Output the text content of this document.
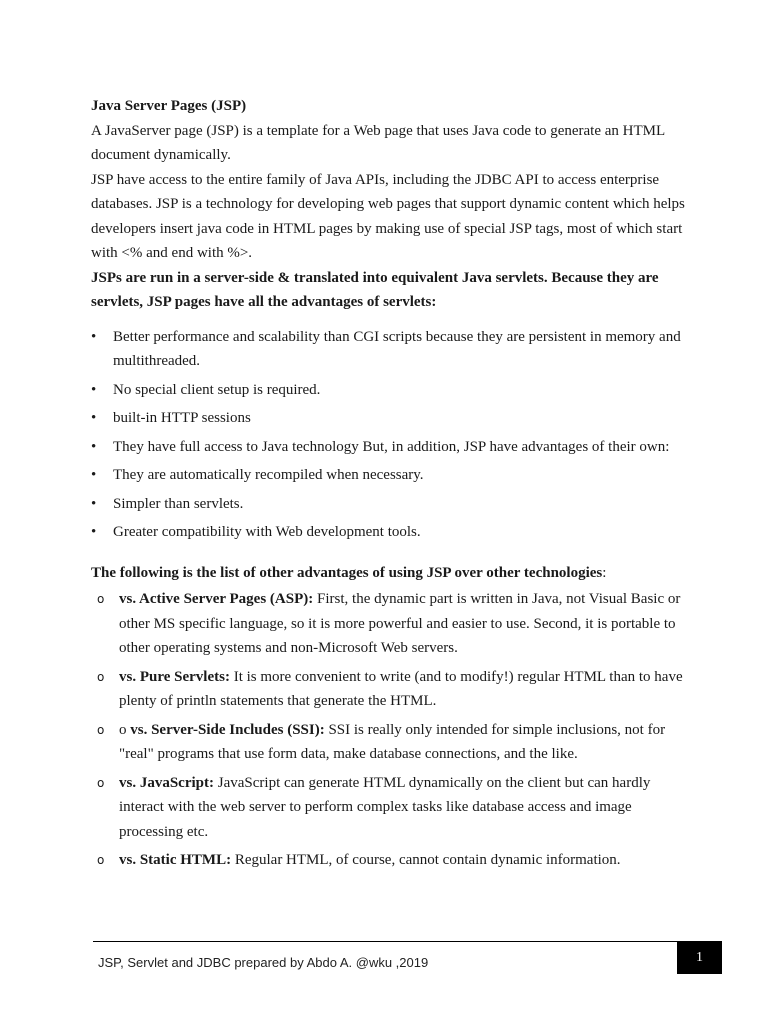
Java Server Pages (JSP)

A JavaServer page (JSP) is a template for a Web page that uses Java code to generate an HTML document dynamically.

JSP have access to the entire family of Java APIs, including the JDBC API to access enterprise databases. JSP is a technology for developing web pages that support dynamic content which helps developers insert java code in HTML pages by making use of special JSP tags, most of which start with <% and end with %>.

JSPs are run in a server-side & translated into equivalent Java servlets. Because they are servlets, JSP pages have all the advantages of servlets:

• Better performance and scalability than CGI scripts because they are persistent in memory and multithreaded.
• No special client setup is required.
• built-in HTTP sessions
• They have full access to Java technology But, in addition, JSP have advantages of their own:
• They are automatically recompiled when necessary.
• Simpler than servlets.
• Greater compatibility with Web development tools.

The following is the list of other advantages of using JSP over other technologies:

o vs. Active Server Pages (ASP): First, the dynamic part is written in Java, not Visual Basic or other MS specific language, so it is more powerful and easier to use. Second, it is portable to other operating systems and non-Microsoft Web servers.
o vs. Pure Servlets: It is more convenient to write (and to modify!) regular HTML than to have plenty of println statements that generate the HTML.
o o vs. Server-Side Includes (SSI): SSI is really only intended for simple inclusions, not for "real" programs that use form data, make database connections, and the like.
o vs. JavaScript: JavaScript can generate HTML dynamically on the client but can hardly interact with the web server to perform complex tasks like database access and image processing etc.
o vs. Static HTML: Regular HTML, of course, cannot contain dynamic information.
JSP, Servlet and JDBC prepared by Abdo A. @wku ,2019	1
